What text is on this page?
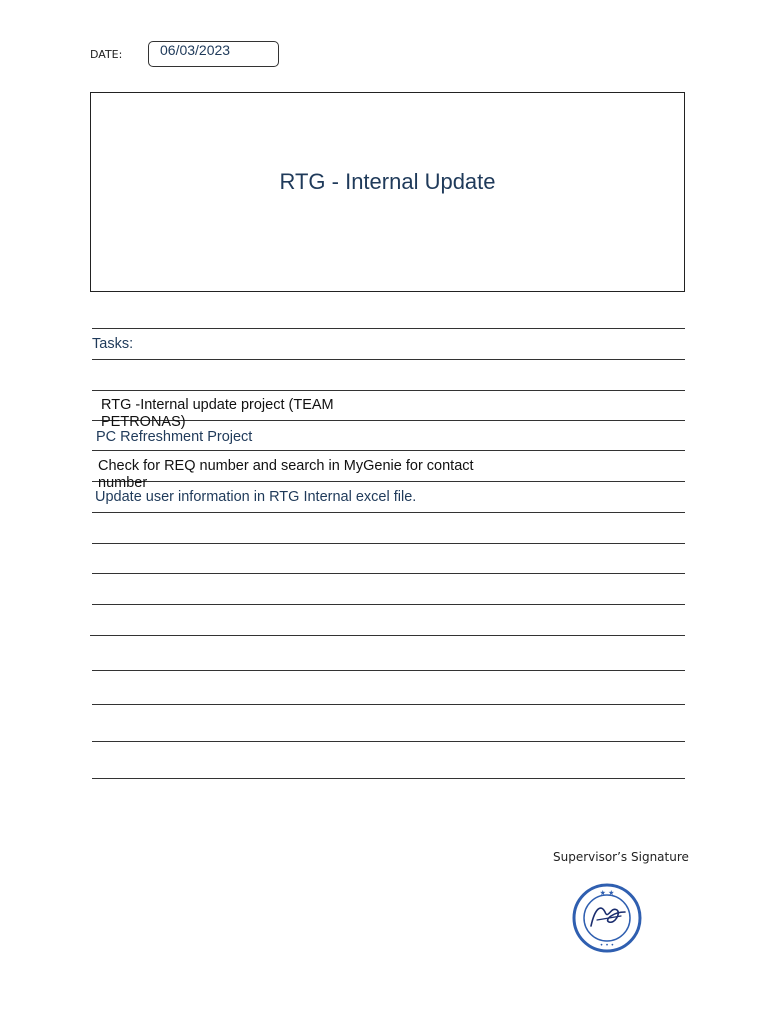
DATE:	06/03/2023
RTG - Internal Update
Tasks:
RTG -Internal update project (TEAM PETRONAS)
PC Refreshment Project
Check for REQ number and search in MyGenie for contact number
Update user information in RTG Internal excel file.
Supervisor’s Signature
★ ★
• • •
